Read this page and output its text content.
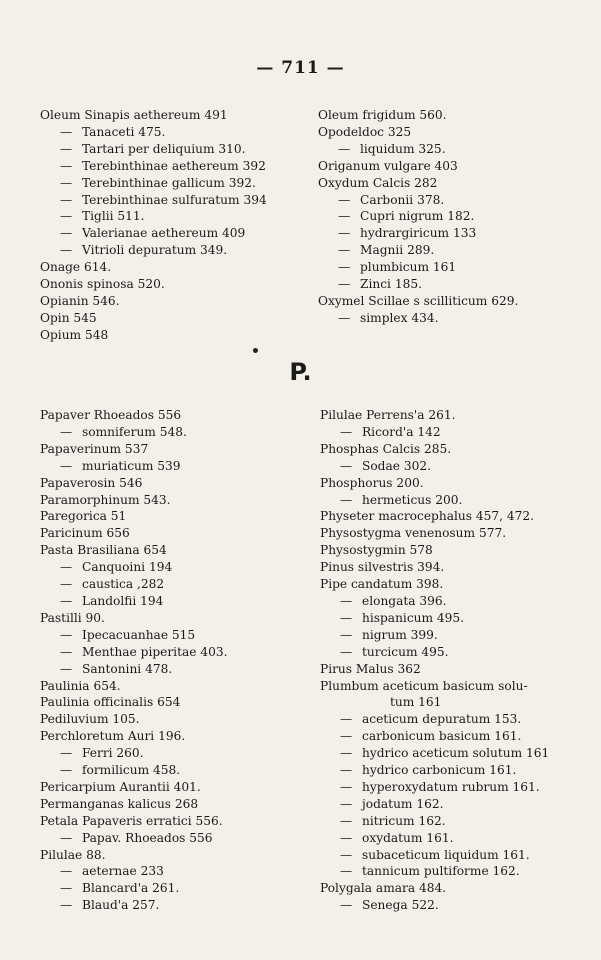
— 711 —
Oleum Sinapis aethereum 491
— Tanaceti 475.
— Tartari per deliquium 310.
— Terebinthinae aethereum 392
— Terebinthinae gallicum 392.
— Terebinthinae sulfuratum 394
— Tiglii 511.
— Valerianae aethereum 409
— Vitrioli depuratum 349.
Onage 614.
Ononis spinosa 520.
Opianin 546.
Opin 545
Opium 548
Oleum frigidum 560.
Opodeldoc 325
— liquidum 325.
Origanum vulgare 403
Oxydum Calcis 282
— Carbonii 378.
— Cupri nigrum 182.
— hydrargiricum 133
— Magnii 289.
— plumbicum 161
— Zinci 185.
Oxymel Scillae s scilliticum 629.
— simplex 434.
P.
Papaver Rhoeados 556
— somniferum 548.
Papaverinum 537
— muriaticum 539
Papaverosin 546
Paramorphinum 543.
Paregorica 51
Paricinum 656
Pasta Brasiliana 654
— Canquoini 194
— caustica ,282
— Landolfii 194
Pastilli 90.
— Ipecacuanhae 515
— Menthae piperitae 403.
— Santonini 478.
Paulinia 654.
Paulinia officinalis 654
Pediluvium 105.
Perchloretum Auri 196.
— Ferri 260.
— formilicum 458.
Pericarpium Aurantii 401.
Permanganas kalicus 268
Petala Papaveris erratici 556.
— Papav. Rhoeados 556
Pilulae 88.
— aeternae 233
— Blancard'a 261.
— Blaud'a 257.
Pilulae Perrens'a 261.
— Ricord'a 142
Phosphas Calcis 285.
— Sodae 302.
Phosphorus 200.
— hermeticus 200.
Physeter macrocephalus 457, 472.
Physostygma venenosum 577.
Physostygmin 578
Pinus silvestris 394.
Pipe candatum 398.
— elongata 396.
— hispanicum 495.
— nigrum 399.
— turcicum 495.
Pirus Malus 362
Plumbum aceticum basicum solu-
tum 161
— aceticum depuratum 153.
— carbonicum basicum 161.
— hydrico aceticum solutum 161
— hydrico carbonicum 161.
— hyperoxydatum rubrum 161.
— jodatum 162.
— nitricum 162.
— oxydatum 161.
— subaceticum liquidum 161.
— tannicum pultiforme 162.
Polygala amara 484.
— Senega 522.
